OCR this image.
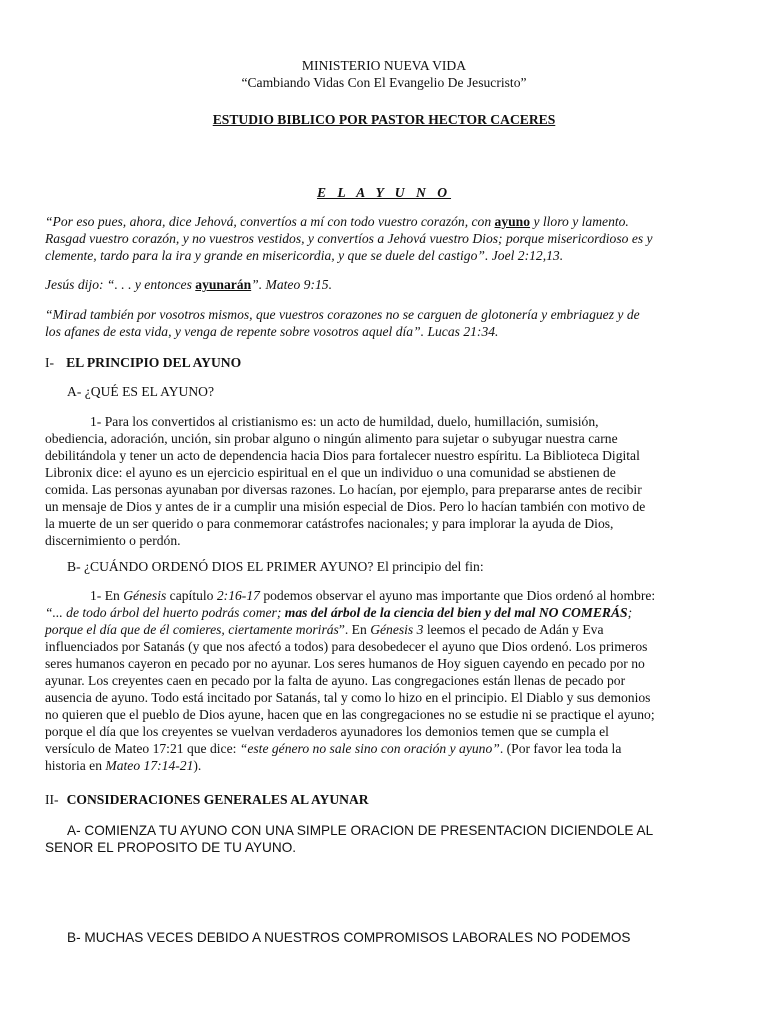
MINISTERIO NUEVA VIDA
“Cambiando Vidas Con El Evangelio De Jesucristo”
ESTUDIO BIBLICO POR PASTOR HECTOR CACERES
E L A Y U N O
“Por eso pues, ahora, dice Jehová, convertíos a mí con todo vuestro corazón, con ayuno y lloro y lamento.
Rasgad vuestro corazón, y no vuestros vestidos, y convertíos a Jehová vuestro Dios; porque misericordioso es y
clemente, tardo para la ira y grande en misericordia, y que se duele del castigo”. Joel 2:12,13.
Jesús dijo: “. . . y entonces ayunarán”. Mateo 9:15.
“Mirad también por vosotros mismos, que vuestros corazones no se carguen de glotonería y embriaguez y de
los afanes de esta vida, y venga de repente sobre vosotros aquel día”. Lucas 21:34.
I- EL PRINCIPIO DEL AYUNO
A- ¿QUÉ ES EL AYUNO?
1- Para los convertidos al cristianismo es: un acto de humildad, duelo, humillación, sumisión,
obediencia, adoración, unción, sin probar alguno o ningún alimento para sujetar o subyugar nuestra carne
debilitándola y tener un acto de dependencia hacia Dios para fortalecer nuestro espíritu. La Biblioteca Digital
Libronix dice: el ayuno es un ejercicio espiritual en el que un individuo o una comunidad se abstienen de
comida. Las personas ayunaban por diversas razones. Lo hacían, por ejemplo, para prepararse antes de recibir
un mensaje de Dios y antes de ir a cumplir una misión especial de Dios. Pero lo hacían también con motivo de
la muerte de un ser querido o para conmemorar catástrofes nacionales; y para implorar la ayuda de Dios,
discernimiento o perdón.
B- ¿CUÁNDO ORDENÓ DIOS EL PRIMER AYUNO? El principio del fin:
1- En Génesis capítulo 2:16-17 podemos observar el ayuno mas importante que Dios ordenó al hombre:
“... de todo árbol del huerto podrás comer; mas del árbol de la ciencia del bien y del mal NO COMERÁS;
porque el día que de él comieres, ciertamente morirás”. En Génesis 3 leemos el pecado de Adán y Eva
influenciados por Satanás (y que nos afectó a todos) para desobedecer el ayuno que Dios ordenó. Los primeros
seres humanos cayeron en pecado por no ayunar. Los seres humanos de Hoy siguen cayendo en pecado por no
ayunar. Los creyentes caen en pecado por la falta de ayuno. Las congregaciones están llenas de pecado por
ausencia de ayuno. Todo está incitado por Satanás, tal y como lo hizo en el principio. El Diablo y sus demonios
no quieren que el pueblo de Dios ayune, hacen que en las congregaciones no se estudie ni se practique el ayuno;
porque el día que los creyentes se vuelvan verdaderos ayunadores los demonios temen que se cumpla el
versículo de Mateo 17:21 que dice: “este género no sale sino con oración y ayuno”. (Por favor lea toda la
historia en Mateo 17:14-21).
II- CONSIDERACIONES GENERALES AL AYUNAR
A- COMIENZA TU AYUNO CON UNA SIMPLE ORACION DE PRESENTACION DICIENDOLE AL
SENOR EL PROPOSITO DE TU AYUNO.
B- MUCHAS VECES DEBIDO A NUESTROS COMPROMISOS LABORALES NO PODEMOS
